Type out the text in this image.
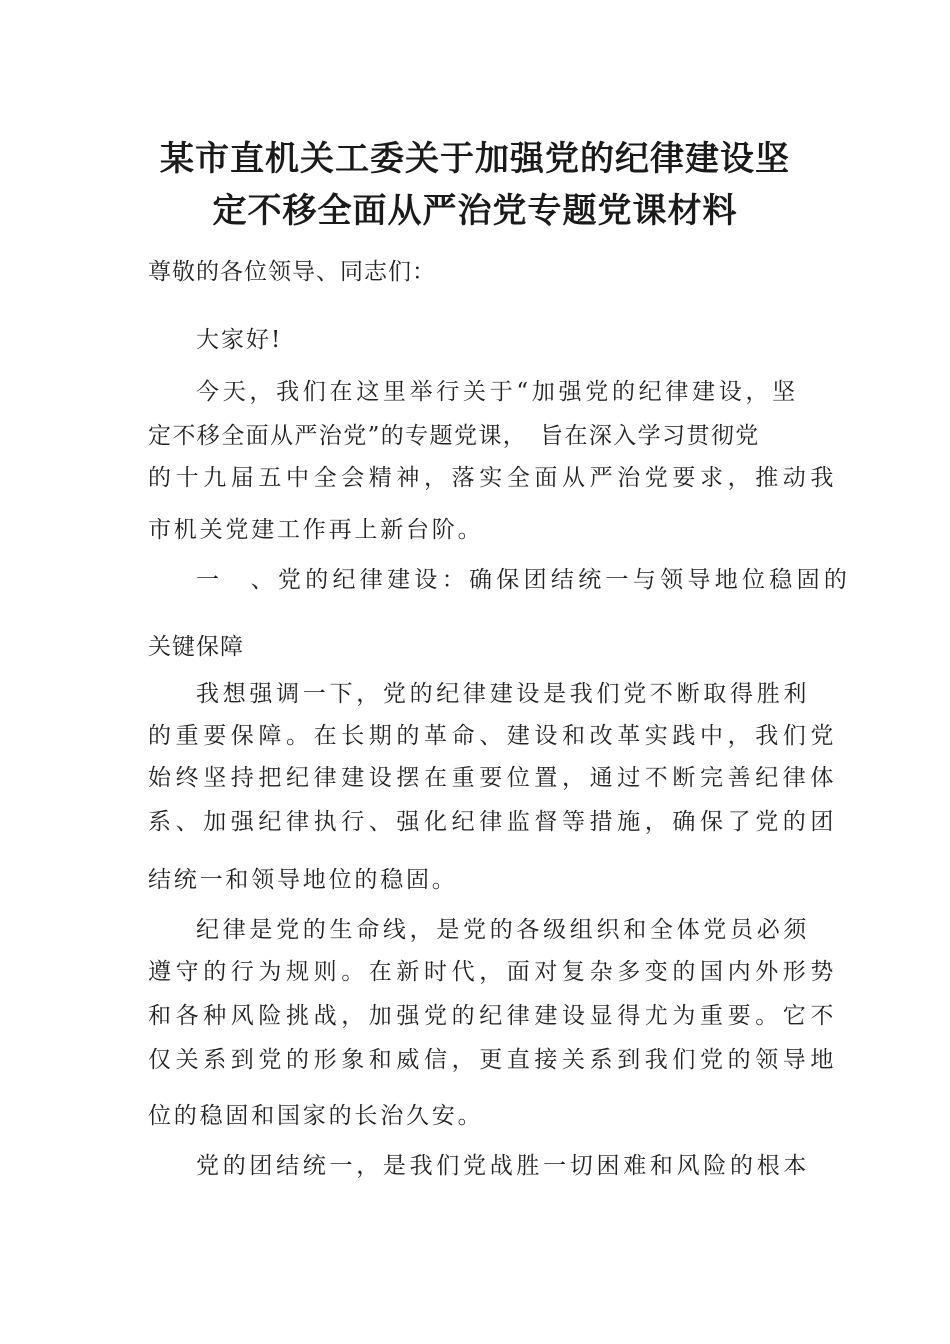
某市直机关工委关于加强党的纪律建设坚
定不移全面从严治党专题党课材料
尊敬的各位领导、同志们：
大家好!
今天，我们在这里举行关于“加强党的纪律建设，坚
定不移全面从严治党”的专题党课，　旨在深入学习贯彻党
的十九届五中全会精神，落实全面从严治党要求，推动我
市机关党建工作再上新台阶。
一　、党的纪律建设：确保团结统一与领导地位稳固的
关键保障
我想强调一下，党的纪律建设是我们党不断取得胜利
的重要保障。在长期的革命、建设和改革实践中，我们党
始终坚持把纪律建设摆在重要位置，通过不断完善纪律体
系、加强纪律执行、强化纪律监督等措施，确保了党的团
结统一和领导地位的稳固。
纪律是党的生命线，是党的各级组织和全体党员必须
遵守的行为规则。在新时代，面对复杂多变的国内外形势
和各种风险挑战，加强党的纪律建设显得尤为重要。它不
仅关系到党的形象和威信，更直接关系到我们党的领导地
位的稳固和国家的长治久安。
党的团结统一，是我们党战胜一切困难和风险的根本
